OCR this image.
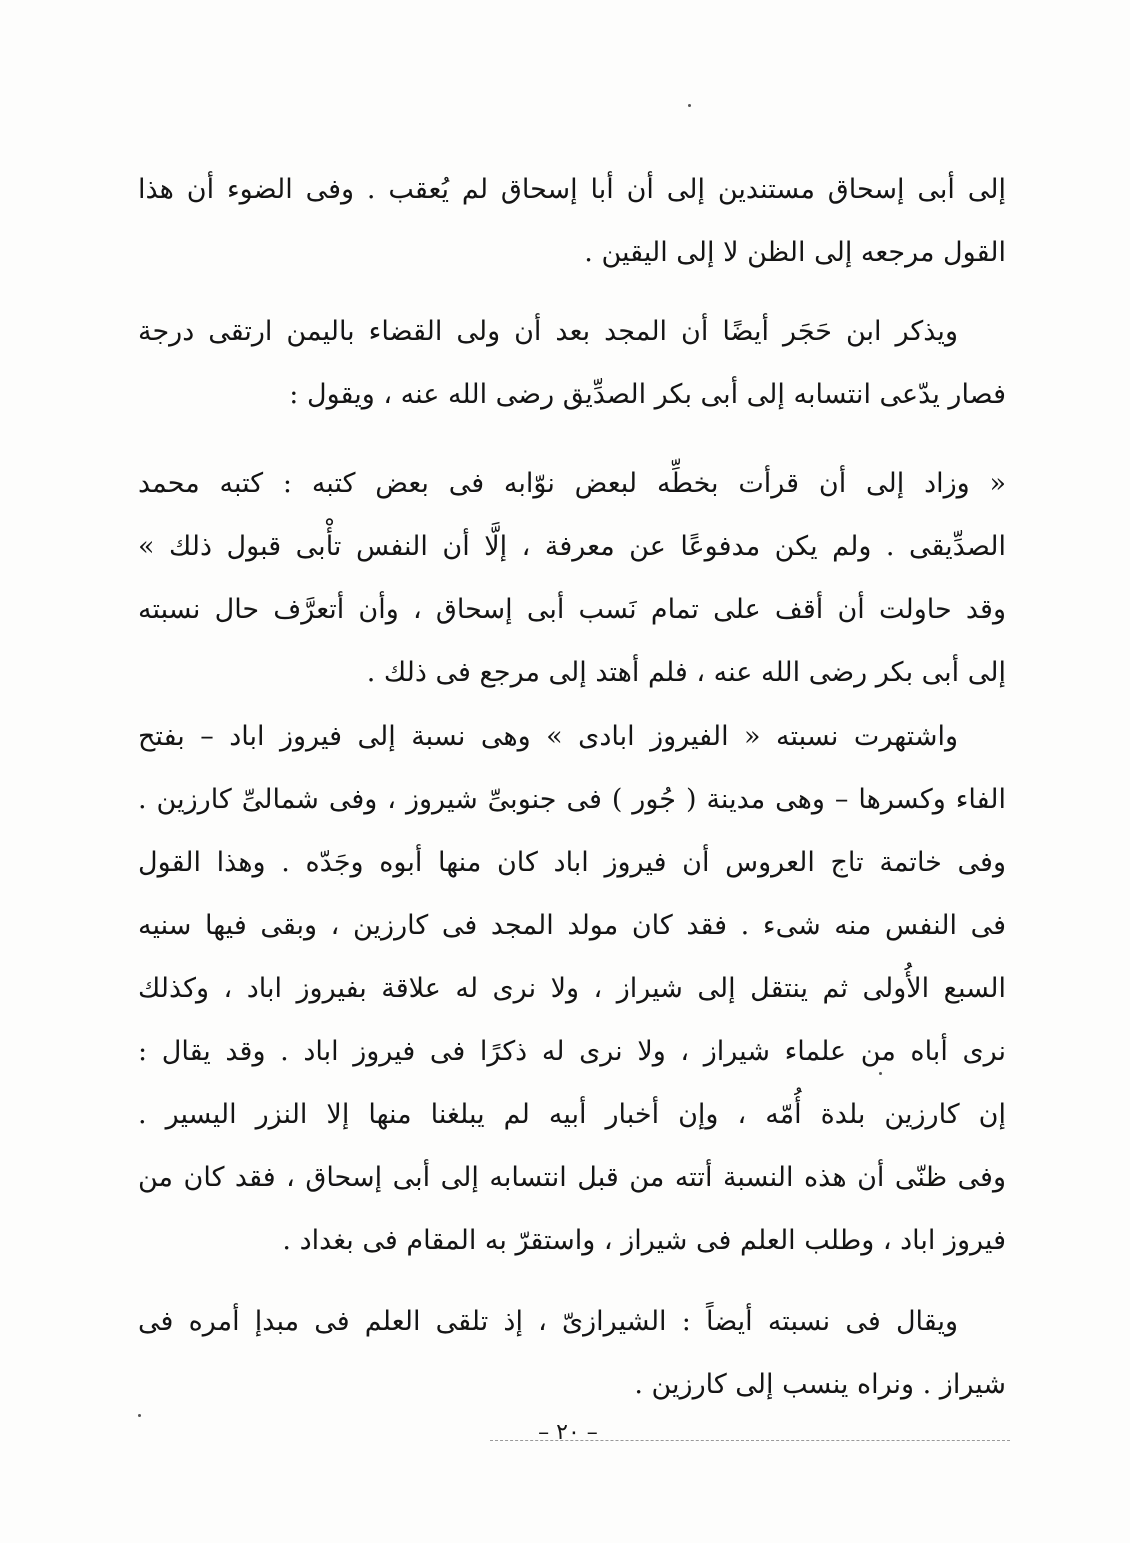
إلى أبى إسحاق مستندين إلى أن أبا إسحاق لم يُعقب . وفى الضوء أن هذا
القول مرجعه إلى الظن لا إلى اليقين .
ويذكر ابن حَجَر أيضًا أن المجد بعد أن ولى القضاء باليمن ارتقى درجة
فصار يدّعى انتسابه إلى أبى بكر الصدِّيق رضى الله عنه ، ويقول :
« وزاد إلى أن قرأت بخطِّه لبعض نوّابه فى بعض كتبه : كتبه محمد
الصدِّيقى . ولم يكن مدفوعًا عن معرفة ، إلَّا أن النفس تأْبى قبول ذلك »
وقد حاولت أن أقف على تمام نَسب أبى إسحاق ، وأن أتعرَّف حال نسبته
إلى أبى بكر رضى الله عنه ، فلم أهتد إلى مرجع فى ذلك .
واشتهرت نسبته « الفيروز ابادى » وهى نسبة إلى فيروز اباد – بفتح
الفاء وكسرها – وهى مدينة ( جُور ) فى جنوبىِّ شيروز ، وفى شمالىِّ كارزين .
وفى خاتمة تاج العروس أن فيروز اباد كان منها أبوه وجَدّه . وهذا القول
فى النفس منه شىء . فقد كان مولد المجد فى كارزين ، وبقى فيها سنيه
السبع الأُولى ثم ينتقل إلى شيراز ، ولا نرى له علاقة بفيروز اباد ، وكذلك
نرى أباه من علماء شيراز ، ولا نرى له ذكرًا فى فيروز اباد . وقد يقال :
إن كارزين بلدة أُمّه ، وإن أخبار أبيه لم يبلغنا منها إلا النزر اليسير .
وفى ظنّى أن هذه النسبة أتته من قبل انتسابه إلى أبى إسحاق ، فقد كان من
فيروز اباد ، وطلب العلم فى شيراز ، واستقرّ به المقام فى بغداد .
ويقال فى نسبته أيضاً : الشيرازىّ ، إذ تلقى العلم فى مبدإ أمره فى
شيراز . ونراه ينسب إلى كارزين .
– ٢٠ –
